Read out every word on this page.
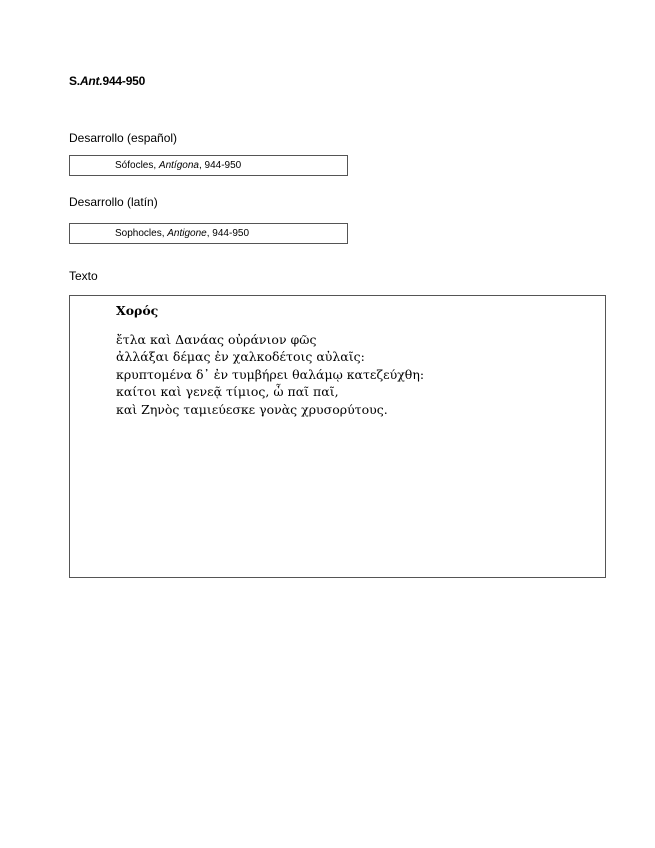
S.Ant.944-950
Desarrollo (español)
Sófocles, Antígona, 944-950
Desarrollo (latín)
Sophocles, Antigone, 944-950
Texto
Χορός
ἔτλα καὶ Δανάας οὐράνιον φῶς
ἀλλάξαι δέμας ἐν χαλκοδέτοις αὐλαῖς:
κρυπτομένα δ᾽ ἐν τυμβήρει θαλάμῳ κατεζεύχθη:
καίτοι καὶ γενεᾷ τίμιος, ὦ παῖ παῖ,
καὶ Ζηνὸς ταμιεύεσκε γονὰς χρυσορύτους.
